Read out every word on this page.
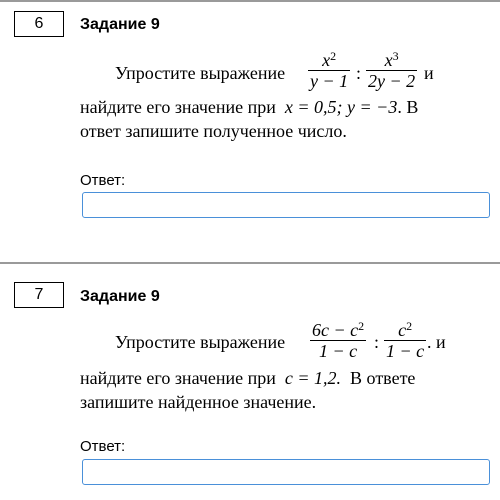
6 Задание 9
Упростите выражение
$x^2$
y − 1 :
$x^3$
2y − 2 и
найдите его значение при x = 0,5; y = −3. В
ответ запишите полученное число.
Ответ:
7 Задание 9
Упростите выражение
$6c - c^2$
1 − c :
$c^2$
1 − c . и
найдите его значение при c = 1,2. В ответе
запишите найденное значение.
Ответ:
